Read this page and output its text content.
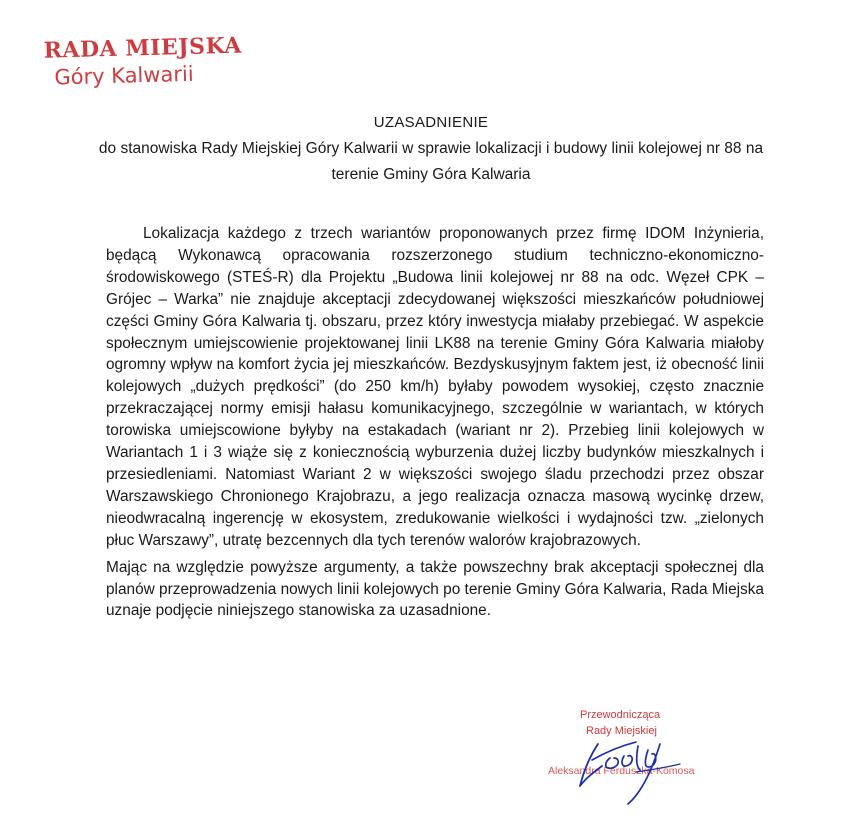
RADA MIEJSKA
Góry Kalwarii
UZASADNIENIE
do stanowiska Rady Miejskiej Góry Kalwarii w sprawie lokalizacji i budowy linii kolejowej nr 88 na terenie Gminy Góra Kalwaria

Lokalizacja każdego z trzech wariantów proponowanych przez firmę IDOM Inżynieria, będącą Wykonawcą opracowania rozszerzonego studium techniczno-ekonomiczno-środowiskowego (STEŚ-R) dla Projektu „Budowa linii kolejowej nr 88 na odc. Węzeł CPK – Grójec – Warka” nie znajduje akceptacji zdecydowanej większości mieszkańców południowej części Gminy Góra Kalwaria tj. obszaru, przez który inwestycja miałaby przebiegać. W aspekcie społecznym umiejscowienie projektowanej linii LK88 na terenie Gminy Góra Kalwaria miałoby ogromny wpływ na komfort życia jej mieszkańców. Bezdyskusyjnym faktem jest, iż obecność linii kolejowych „dużych prędkości” (do 250 km/h) byłaby powodem wysokiej, często znacznie przekraczającej normy emisji hałasu komunikacyjnego, szczególnie w wariantach, w których torowiska umiejscowione byłyby na estakadach (wariant nr 2). Przebieg linii kolejowych w Wariantach 1 i 3 wiąże się z koniecznością wyburzenia dużej liczby budynków mieszkalnych i przesiedleniami. Natomiast Wariant 2 w większości swojego śladu przechodzi przez obszar Warszawskiego Chronionego Krajobrazu, a jego realizacja oznacza masową wycinkę drzew, nieodwracalną ingerencję w ekosystem, zredukowanie wielkości i wydajności tzw. „zielonych płuc Warszawy”, utratę bezcennych dla tych terenów walorów krajobrazowych.

Mając na względzie powyższe argumenty, a także powszechny brak akceptacji społecznej dla planów przeprowadzenia nowych linii kolejowych po terenie Gminy Góra Kalwaria, Rada Miejska uznaje podjęcie niniejszego stanowiska za uzasadnione.

Przewodnicząca
Rady Miejskiej
Aleksandra Ferduszka-Komosa
